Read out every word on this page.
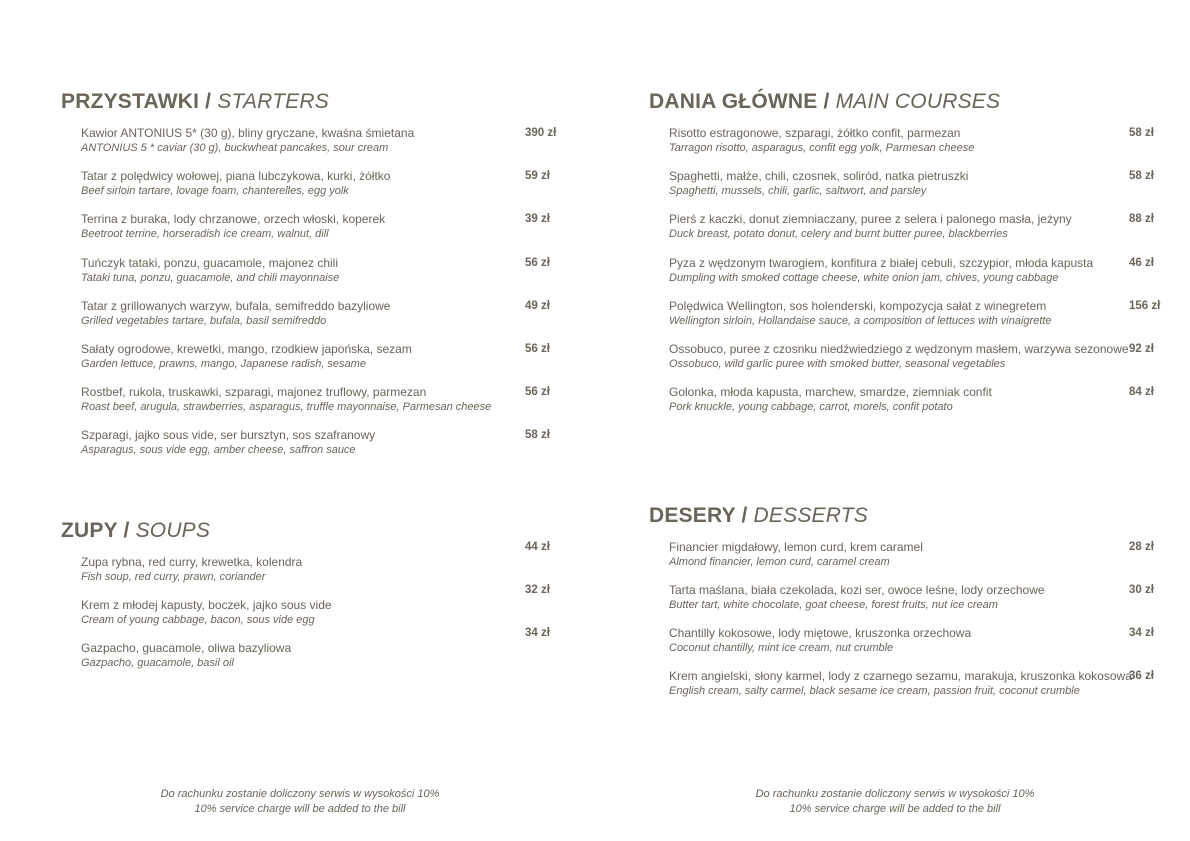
PRZYSTAWKI / STARTERS
Kawior ANTONIUS 5* (30 g), bliny gryczane, kwaśna śmietana
ANTONIUS 5 * caviar (30 g), buckwheat pancakes, sour cream
390 zł
Tatar z polędwicy wołowej, piana lubczykowa, kurki, żółtko
Beef sirloin tartare, lovage foam, chanterelles, egg yolk
59 zł
Terrina z buraka, lody chrzanowe, orzech włoski, koperek
Beetroot terrine, horseradish ice cream, walnut, dill
39 zł
Tuńczyk tataki, ponzu, guacamole, majonez chili
Tataki tuna, ponzu, guacamole, and chili mayonnaise
56 zł
Tatar z grillowanych warzyw, bufala, semifreddo bazyliowe
Grilled vegetables tartare, bufala, basil semifreddo
49 zł
Sałaty ogrodowe, krewetki, mango, rzodkiew japońska, sezam
Garden lettuce, prawns, mango, Japanese radish, sesame
56 zł
Rostbef, rukola, truskawki, szparagi, majonez truflowy, parmezan
Roast beef, arugula, strawberries, asparagus, truffle mayonnaise, Parmesan cheese
56 zł
Szparagi, jajko sous vide, ser bursztyn, sos szafranowy
Asparagus, sous vide egg, amber cheese, saffron sauce
58 zł
ZUPY / SOUPS
Zupa rybna, red curry, krewetka, kolendra
Fish soup, red curry, prawn, coriander
44 zł
Krem z młodej kapusty, boczek, jajko sous vide
Cream of young cabbage, bacon, sous vide egg
32 zł
Gazpacho, guacamole, oliwa bazyliowa
Gazpacho, guacamole, basil oil
34 zł
DANIA GŁÓWNE / MAIN COURSES
Risotto estragonowe, szparagi, żółtko confit, parmezan
Tarragon risotto, asparagus, confit egg yolk, Parmesan cheese
58 zł
Spaghetti, małże, chili, czosnek, soliród, natka pietruszki
Spaghetti, mussels, chili, garlic, saltwort, and parsley
58 zł
Pierś z kaczki, donut ziemniaczany, puree z selera i palonego masła, jeżyny
Duck breast, potato donut, celery and burnt butter puree, blackberries
88 zł
Pyza z wędzonym twarogiem, konfitura z białej cebuli, szczypior, młoda kapusta
Dumpling with smoked cottage cheese, white onion jam, chives, young cabbage
46 zł
Polędwica Wellington, sos holenderski, kompozycja sałat z winegretem
Wellington sirloin, Hollandaise sauce, a composition of lettuces with vinaigrette
156 zł
Ossobuco, puree z czosnku niedźwiedziego z wędzonym masłem, warzywa sezonowe
Ossobuco, wild garlic puree with smoked butter, seasonal vegetables
92 zł
Golonka, młoda kapusta, marchew, smardze, ziemniak confit
Pork knuckle, young cabbage, carrot, morels, confit potato
84 zł
DESERY / DESSERTS
Financier migdałowy, lemon curd, krem caramel
Almond financier, lemon curd, caramel cream
28 zł
Tarta maślana, biała czekolada, kozi ser, owoce leśne, lody orzechowe
Butter tart, white chocolate, goat cheese, forest fruits, nut ice cream
30 zł
Chantilly kokosowe, lody miętowe, kruszonka orzechowa
Coconut chantilly, mint ice cream, nut crumble
34 zł
Krem angielski, słony karmel, lody z czarnego sezamu, marakuja, kruszonka kokosowa
English cream, salty carmel, black sesame ice cream, passion fruit, coconut crumble
36 zł
Do rachunku zostanie doliczony serwis w wysokości 10%
10% service charge will be added to the bill
Do rachunku zostanie doliczony serwis w wysokości 10%
10% service charge will be added to the bill
